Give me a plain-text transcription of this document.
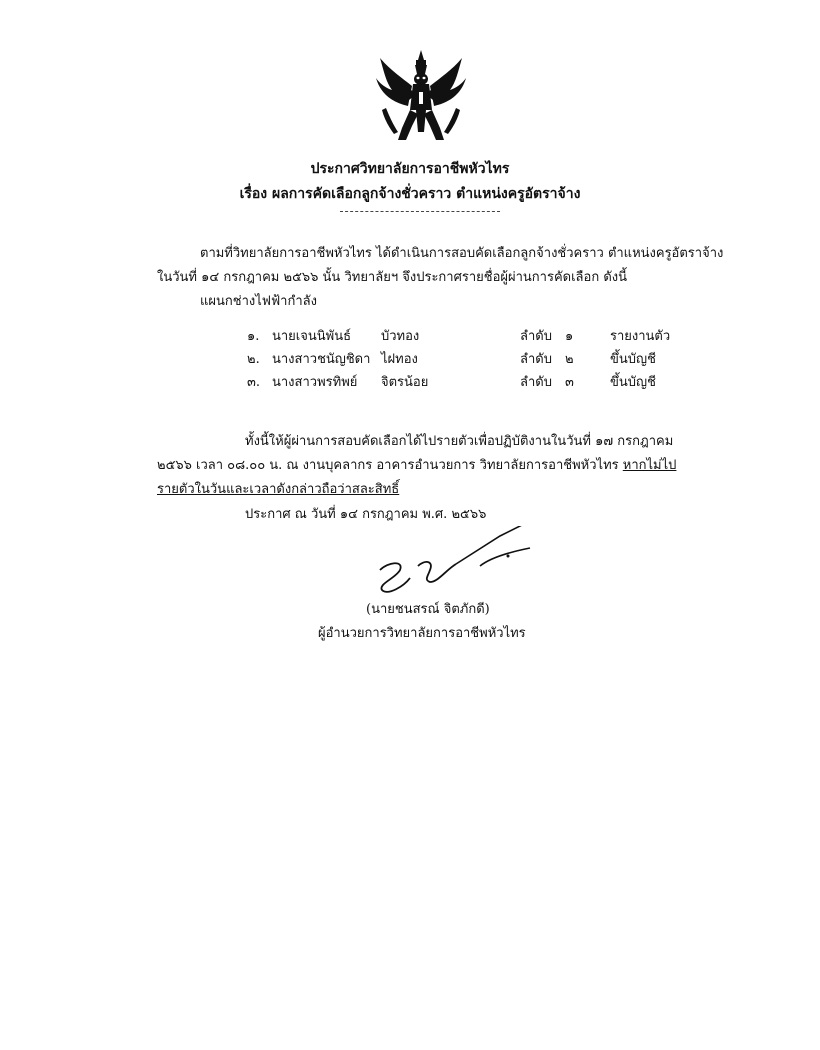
ประกาศวิทยาลัยการอาชีพหัวไทร
เรื่อง ผลการคัดเลือกลูกจ้างชั่วคราว ตำแหน่งครูอัตราจ้าง
ตามที่วิทยาลัยการอาชีพหัวไทร ได้ดำเนินการสอบคัดเลือกลูกจ้างชั่วคราว ตำแหน่งครูอัตราจ้าง
ในวันที่ ๑๔ กรกฎาคม ๒๕๖๖ นั้น วิทยาลัยฯ จึงประกาศรายชื่อผู้ผ่านการคัดเลือก ดังนี้
แผนกช่างไฟฟ้ากำลัง
๑. นายเจนนิพันธ์ บัวทอง	ลำดับ ๑	รายงานตัว
๒. นางสาวชนัญชิดา ไฝทอง	ลำดับ ๒	ขึ้นบัญชี
๓. นางสาวพรทิพย์ จิตรน้อย	ลำดับ ๓	ขึ้นบัญชี
ทั้งนี้ให้ผู้ผ่านการสอบคัดเลือกได้ไปรายตัวเพื่อปฏิบัติงานในวันที่ ๑๗ กรกฎาคม
๒๕๖๖ เวลา ๐๘.๐๐ น. ณ งานบุคลากร อาคารอำนวยการ วิทยาลัยการอาชีพหัวไทร หากไม่ไป
รายตัวในวันและเวลาดังกล่าวถือว่าสละสิทธิ์
ประกาศ ณ วันที่ ๑๔ กรกฎาคม พ.ศ. ๒๕๖๖
(นายชนสรณ์ จิตภักดี)
ผู้อำนวยการวิทยาลัยการอาชีพหัวไทร
